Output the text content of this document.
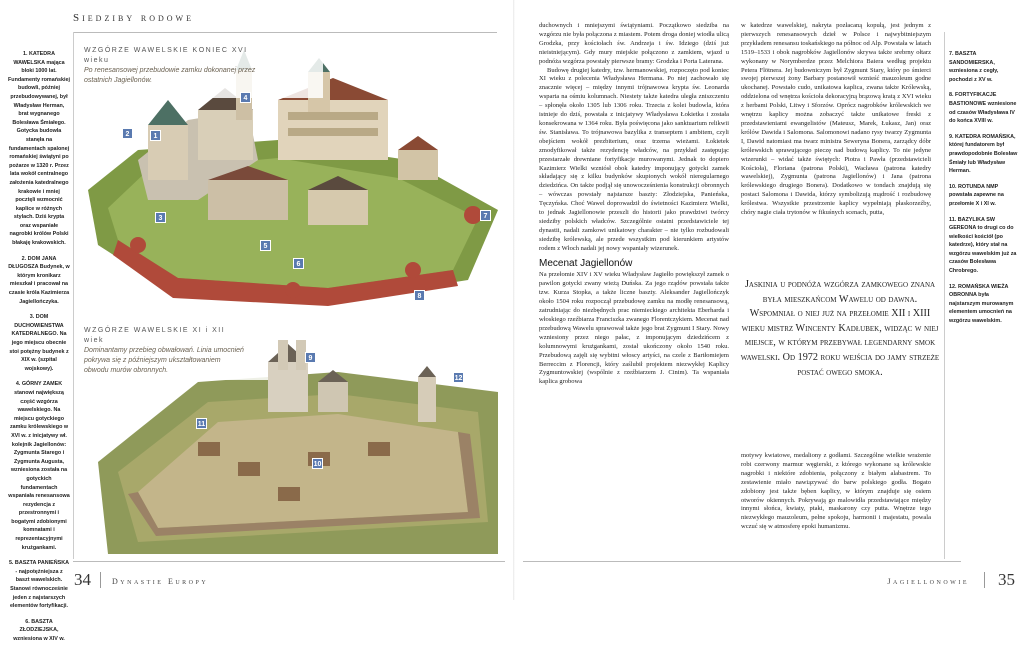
Siedziby rodowe

1. KATEDRA WAWELSKA mająca bloki 1000 lat. Fundamenty romańskiej budowli, później przebudowywanej, był Władysław Herman, brat wygnanego Bolesława Śmiałego. Gotycka budowla stanęła na fundamentach spalonej romańskiej świątyni po pożarze w 1320 r. Przez lata wokół centralnego założenia katedralnego krakowie i mniej pocztęli wzmocnić kaplice w różnych stylach. Dziś krypta oraz wspaniałe nagrobki królów Polski błakaję krakowskich.

2. DOM JANA DŁUGOSZA Budynek, w którym kronikarz mieszkał i pracował na czasie króla Kazimierza Jagiellończyka.

3. DOM DUCHOWIENSTWA KATEDRALNEGO. Na jego miejscu obecnie stoi potężny budynek z XIX w. (szpital wojskowy).

4. GÓRNY ZAMEK stanowi największą część wzgórza wawelskiego. Na miejscu gotyckiego zamku królewskiego w XVI w. z inicjatywy wł. kolejnik Jagiellonów: Zygmunta Starego i Zygmunta Augusta, wzniesiona została na gotyckich fundamentach wspaniała renesansowa rezydencja z przestronnymi i bogatymi zdobionymi komnatami i reprezentacyjnymi krużgankami.

5. BASZTA PANIEŃSKA - najpotężniejsza z baszt wawelskich. Stanowi równocześnie jeden z najstarszych elementów fortyfikacji.

6. BASZTA ZŁODZIEJSKA, wzniesiona w XIV w.

WZGÓRZE WAWELSKIE KONIEC XVI wieku
Po renesansowej przebudowie zamku dokonanej przez ostatnich Jagiellonów.
1
2
3
4
5
6
7
8
WZGÓRZE WAWELSKIE XI i XII wiek
Dominantamy przebieg obwałowań. Linia umocnień pokrywa się z późniejszym ukształtowaniem obwodu murów obronnych.
9
10
11
12
34	Dynastie Europy

duchownych i mniejszymi świątyniami. Początkowo siedziba na wzgórzu nie była połączona z miastem. Potem droga doniej wiodła ulicą Grodzka, przy kościołach św. Andrzeja i św. Idziego (dziś już nieistniejącym). Gdy mury miejskie połączono z zamkiem, wjazd u podnóża wzgórza powstały pierwsze bramy: Grodzka i Porta Laterana.

Budowę drugiej katedry, tzw. hermanowskiej, rozpoczęto pod koniec XI wieku z polecenia Władysława Hermana. Po niej zachowało się znacznie więcej – między innymi trójnawowa krypta św. Leonarda wsparta na ośmiu kolumnach. Niestety także katedra uległa zniszczeniu – spłonęła około 1305 lub 1306 roku. Trzecia z kolei budowla, która istnieje do dziś, powstała z inicjatywy Władysława Łokietka i została konsekrowana w 1364 roku. Była poświęcona jako sanktuarium relikwii św. Stanisława. To trójnawowa bazylika z transeptem i ambitem, czyli obejściem wokół prezbiterium, oraz trzema wieżami. Łokietek zmodyfikował także rezydencję władców, na przykład zastępując przestarzałe drewniane fortyfikacje murowanymi. Jednak to dopiero Kazimierz Wielki wzniósł obok katedry imponujący gotycki zamek składający się z kilku budynków skupionych wokół nieregularnego dziedzińca. On także podjął się unowocześnienia konstrukcji obronnych – wówczas powstały najstarsze baszty: Złodziejska, Panieńska, Tęczyńska. Choć Wawel doprowadził do świetności Kazimierz Wielki, to jednak Jagiellonowie przeszli do historii jako prawdziwi twórcy siedziby polskich władców. Szczególnie ostatni przedstawiciele tej dynastii, nadali zamkowi unikatowy charakter – nie tylko rozbudowali siedzibę królewską, ale przede wszystkim pod kierunkiem artystów rodem z Włoch nadali jej nowy wspaniały wizerunek.

Mecenat Jagiellonów

Na przełomie XIV i XV wieku Władysław Jagiełło powiększył zamek o pawilon gotycki zwany wieżą Duńska. Za jego rządów powstała także tzw. Kurza Stopka, a także liczne baszty. Aleksander Jagiellończyk około 1504 roku rozpoczął przebudowę zamku na modłę renesansową, zatrudniając do niezbędnych prac niemieckiego architekta Eberharda i włoskiego rzeźbiarza Franciszka zwanego Florentczykiem. Mecenat nad przebudową Wawelu sprawował także jego brat Zygmunt I Stary. Nowy wzniesiony przez niego pałac, z imponującym dziedzińcem z kolumnowymi krużgankami, został ukończony około 1540 roku. Przebudową zajęli się wybitni włoscy artyści, na czele z Bartłomiejem Berreccim z Florencji, który zaślubił projektem niezwykłej Kaplicy Zygmuntowskiej (wspólnie z rzeźbiarzem J. Cinim). Ta wspaniała kaplica grobowa

w katedrze wawelskiej, nakryta pozłacaną kopułą, jest jednym z pierwszych renesansowych dzieł w Polsce i najwybitniejszym przykładem renesansu toskańskiego na północ od Alp. Powstała w latach 1519–1533 i obok nagrobków Jagiellonów skrywa także srebrny ołtarz wykonany w Norymberdze przez Melchiora Baiera według projektu Petera Flötnera. Jej budowniczym był Zygmunt Stary, który po śmierci swojej pierwszej żony Barbary postanowił wznieść mauzoleum godne ukochanej. Powstało cudo, unikatowa kaplica, zwana także Królewską, oddzielona od wnętrza kościoła dekoracyjną brązową kratą z XVI wieku z herbami Polski, Litwy i Sforzów. Oprócz nagrobków królewskich we wnętrzu kaplicy można zobaczyć także unikatowe freski z przedstawieniami ewangelistów (Mateusz, Marek, Łukasz, Jan) oraz królów Dawida i Salomona. Salomonowi nadano rysy twarzy Zygmunta I, Dawid natomiast ma twarz ministra Seweryna Bonera, zarządcy dóbr królewskich sprawującego pieczę nad budową kaplicy. To nie jedyne wizerunki – widać także świętych: Piotra i Pawła (przedstawicieli Kościoła), Floriana (patrona Polski), Wacława (patrona katedry wawelskiej), Zygmunta (patrona Jagiellonów) i Jana (patrona królewskiego drugiego Bonera). Dodatkowo w tondach znajdują się postaci Salomona i Dawida, którzy symbolizują mądrość i rozbudowę królestwa. Wszystkie przestrzenie kaplicy wypełniają płaskorzeźby, chóry nagie ciała trytonów w fikuśnych scenach, putta,

Jaskinia u podnóża wzgórza zamkowego znana była mieszkańcom Wawelu od dawna. Wspomniał o niej już na przełomie XII i XIII wieku mistrz Wincenty Kadłubek, widząc w niej miejsce, w którym przebywał legendarny smok wawelski. Od 1972 roku wejścia do jamy strzeże postać owego smoka.

motywy kwiatowe, medaliony z godłami. Szczególne wielkie wrażenie robi czerwony marmur węgierski, z którego wykonane są królewskie nagrobki i niektóre zdobienia, połączony z białym alabastrem. To zestawienie miało nawiązywać do barw polskiego godła. Bogato zdobiony jest także bęben kaplicy, w którym znajduje się osiem otworów okiennych. Pokrywają go malowidła przedstawiające między innymi słońca, kwiaty, ptaki, maskarony czy putta. Wnętrze tego niezwykłego mauzoleum, pełne spokoju, harmonii i majestatu, powala wczuć się w atmosferę epoki humanizmu.

7. BASZTA SANDOMIERSKA, wzniesiona z cegły, pochodzi z XV w.

8. FORTYFIKACJE BASTIONOWE wzniesione od czasów Władysława IV do końca XVIII w.

9. KATEDRA ROMAŃSKA, której fundatorem był prawdopodobnie Bolesław Śmiały lub Władysław Herman.

10. ROTUNDA NMP powstała zapewne na przełomie X i XI w.

11. BAZYLIKA SW GEREONA to drugi co do wielkości kościół (po katedrze), który stał na wzgórzu wawelskim już za czasów Bolesława Chrobrego.

12. ROMAŃSKA WIEŻA OBRONNA była najstarszym murowanym elementem umocnień na wzgórzu wawelskim.

Jagiellonowie 35
